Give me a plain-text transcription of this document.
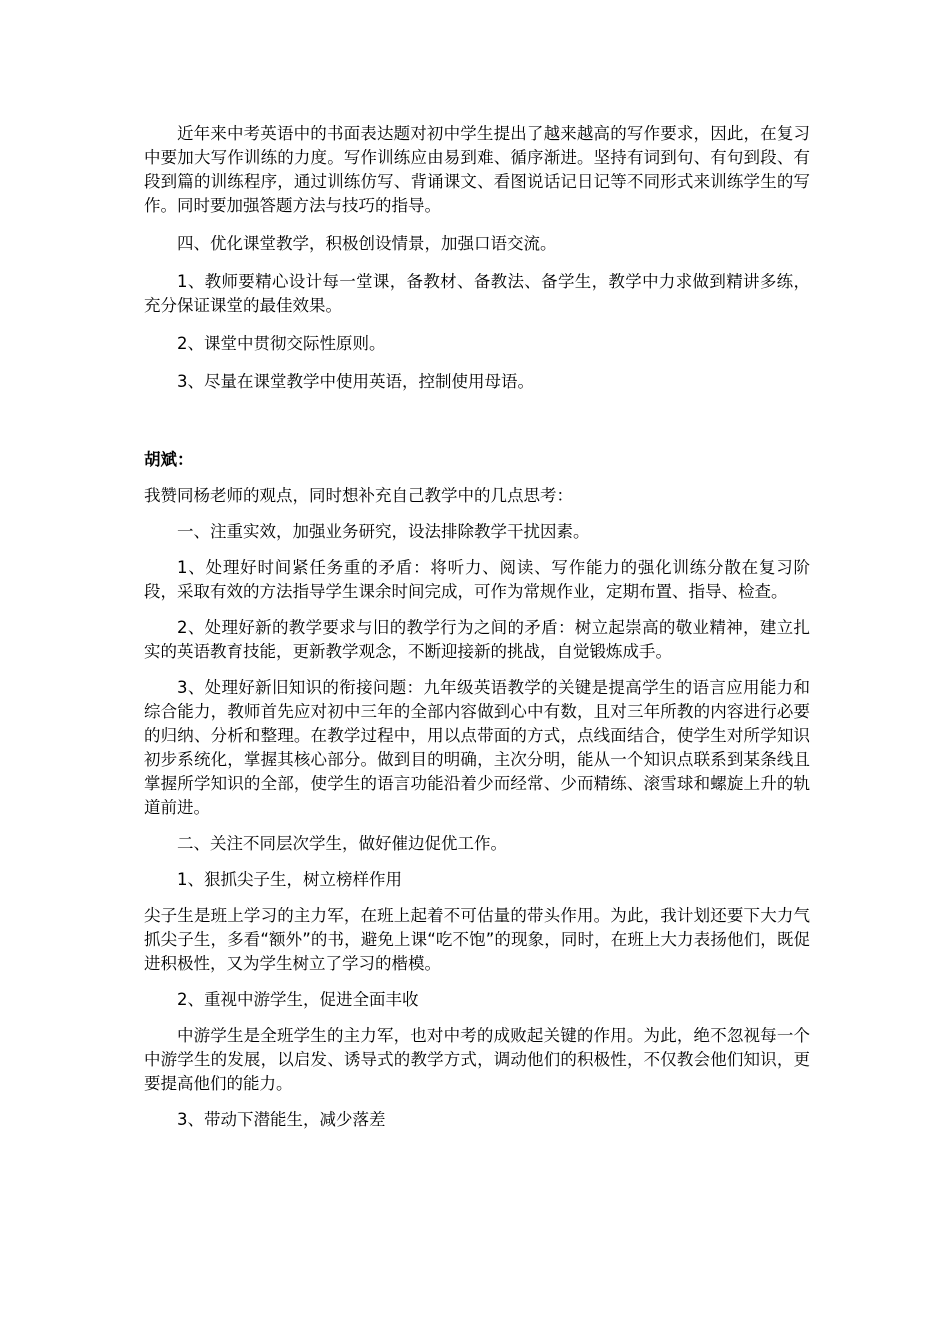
近年来中考英语中的书面表达题对初中学生提出了越来越高的写作要求，因此，在复习中要加大写作训练的力度。写作训练应由易到难、循序渐进。坚持有词到句、有句到段、有段到篇的训练程序，通过训练仿写、背诵课文、看图说话记日记等不同形式来训练学生的写作。同时要加强答题方法与技巧的指导。

四、优化课堂教学，积极创设情景，加强口语交流。

1、教师要精心设计每一堂课，备教材、备教法、备学生，教学中力求做到精讲多练，充分保证课堂的最佳效果。

2、课堂中贯彻交际性原则。

3、尽量在课堂教学中使用英语，控制使用母语。

胡斌：

我赞同杨老师的观点，同时想补充自己教学中的几点思考：

一、注重实效，加强业务研究，设法排除教学干扰因素。

1、处理好时间紧任务重的矛盾：将听力、阅读、写作能力的强化训练分散在复习阶段，采取有效的方法指导学生课余时间完成，可作为常规作业，定期布置、指导、检查。

2、处理好新的教学要求与旧的教学行为之间的矛盾：树立起崇高的敬业精神，建立扎实的英语教育技能，更新教学观念，不断迎接新的挑战，自觉锻炼成手。

3、处理好新旧知识的衔接问题：九年级英语教学的关键是提高学生的语言应用能力和综合能力，教师首先应对初中三年的全部内容做到心中有数，且对三年所教的内容进行必要的归纳、分析和整理。在教学过程中，用以点带面的方式，点线面结合，使学生对所学知识初步系统化，掌握其核心部分。做到目的明确，主次分明，能从一个知识点联系到某条线且掌握所学知识的全部，使学生的语言功能沿着少而经常、少而精练、滚雪球和螺旋上升的轨道前进。

二、关注不同层次学生，做好催边促优工作。

1、狠抓尖子生，树立榜样作用

尖子生是班上学习的主力军，在班上起着不可估量的带头作用。为此，我计划还要下大力气抓尖子生，多看“额外”的书，避免上课“吃不饱”的现象，同时，在班上大力表扬他们，既促进积极性，又为学生树立了学习的楷模。

2、重视中游学生，促进全面丰收

中游学生是全班学生的主力军，也对中考的成败起关键的作用。为此，绝不忽视每一个中游学生的发展，以启发、诱导式的教学方式，调动他们的积极性，不仅教会他们知识，更要提高他们的能力。

3、带动下潜能生，减少落差
